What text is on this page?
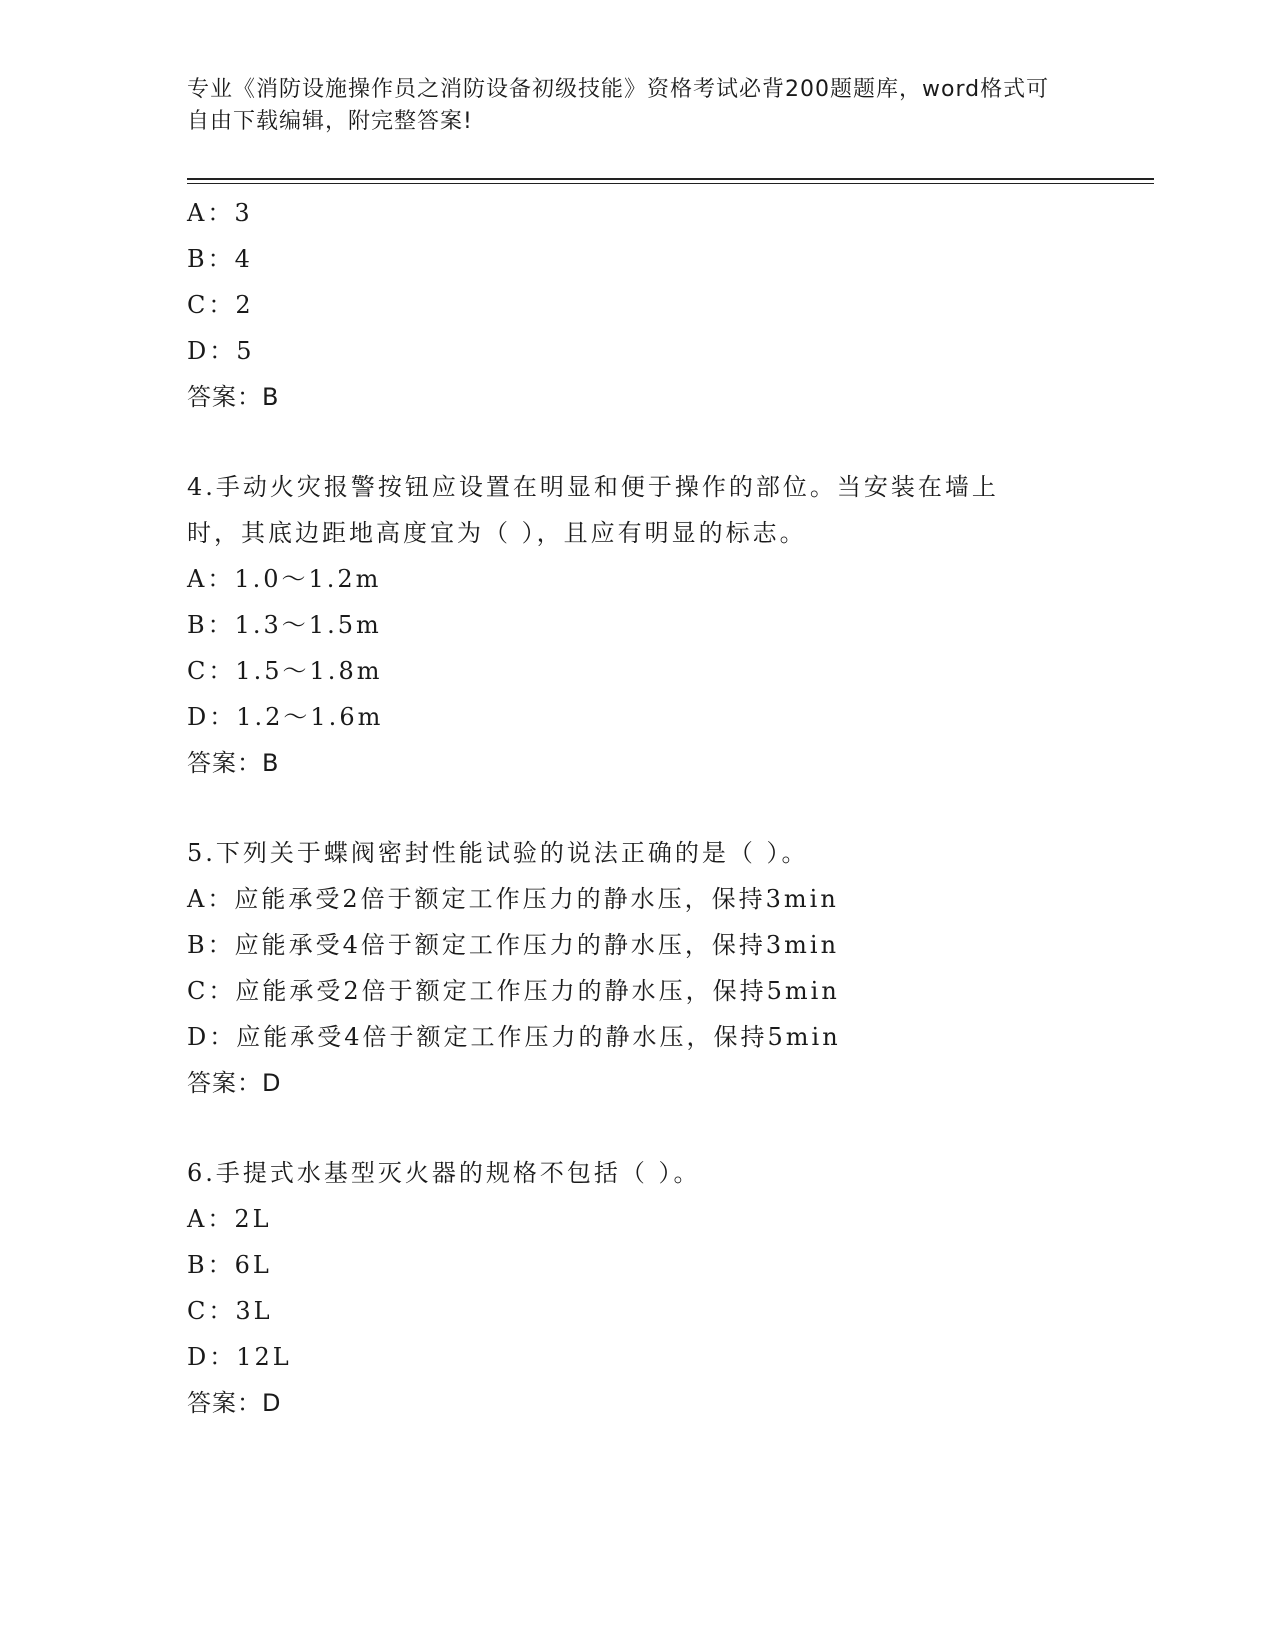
专业《消防设施操作员之消防设备初级技能》资格考试必背200题题库，word格式可自由下载编辑，附完整答案!

A：3
B：4
C：2
D：5
答案：B
4.手动火灾报警按钮应设置在明显和便于操作的部位。当安装在墙上
时，其底边距地高度宜为（ ），且应有明显的标志。
A：1.0～1.2m
B：1.3～1.5m
C：1.5～1.8m
D：1.2～1.6m
答案：B
5.下列关于蝶阀密封性能试验的说法正确的是（ ）。
A：应能承受2倍于额定工作压力的静水压，保持3min
B：应能承受4倍于额定工作压力的静水压，保持3min
C：应能承受2倍于额定工作压力的静水压，保持5min
D：应能承受4倍于额定工作压力的静水压，保持5min
答案：D
6.手提式水基型灭火器的规格不包括（ ）。
A：2L
B：6L
C：3L
D：12L
答案：D
